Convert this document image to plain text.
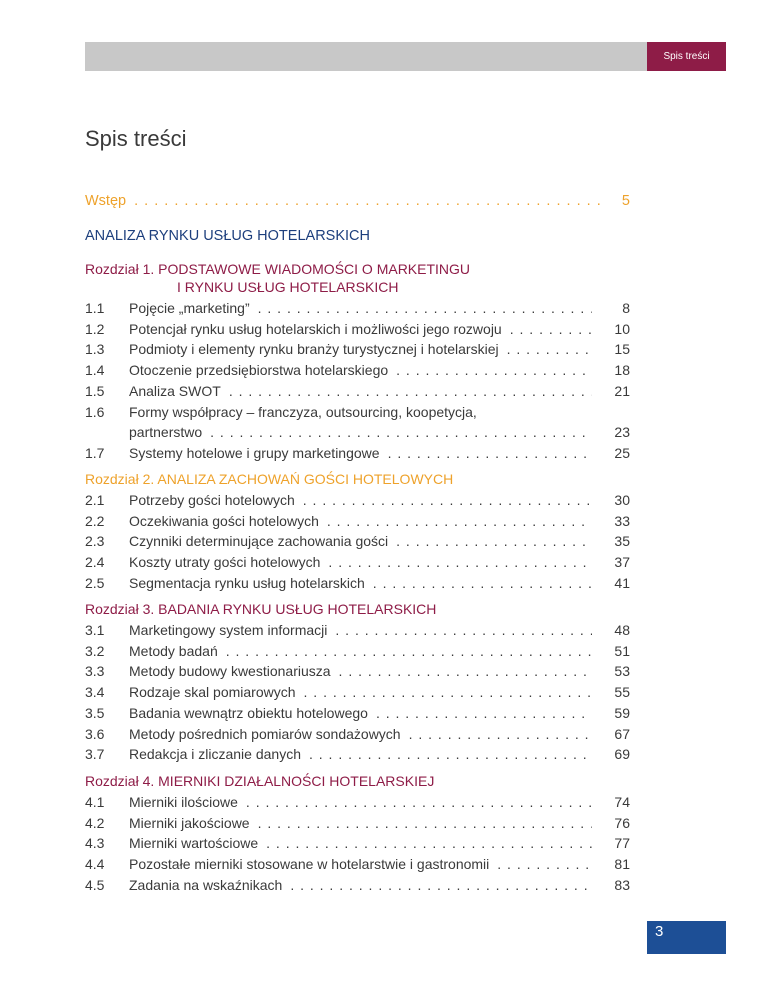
Spis treści
Spis treści
Wstęp . . .	5
ANALIZA RYNKU USŁUG HOTELARSKICH
Rozdział 1. PODSTAWOWE WIADOMOŚCI O MARKETINGU
I RYNKU USŁUG HOTELARSKICH
1.1	Pojęcie „marketing” . . .	8
1.2	Potencjał rynku usług hotelarskich i możliwości jego rozwoju . . .	10
1.3	Podmioty i elementy rynku branży turystycznej i hotelarskiej . . .	15
1.4	Otoczenie przedsiębiorstwa hotelarskiego . . .	18
1.5	Analiza SWOT . . .	21
1.6	Formy współpracy – franczyza, outsourcing, koopetycja,
partnerstwo . . .	23
1.7	Systemy hotelowe i grupy marketingowe . . .	25
Rozdział 2. ANALIZA ZACHOWAŃ GOŚCI HOTELOWYCH
2.1	Potrzeby gości hotelowych . . .	30
2.2	Oczekiwania gości hotelowych . . .	33
2.3	Czynniki determinujące zachowania gości . . .	35
2.4	Koszty utraty gości hotelowych . . .	37
2.5	Segmentacja rynku usług hotelarskich . . .	41
Rozdział 3. BADANIA RYNKU USŁUG HOTELARSKICH
3.1	Marketingowy system informacji . . .	48
3.2	Metody badań . . .	51
3.3	Metody budowy kwestionariusza . . .	53
3.4	Rodzaje skal pomiarowych . . .	55
3.5	Badania wewnątrz obiektu hotelowego . . .	59
3.6	Metody pośrednich pomiarów sondażowych . . .	67
3.7	Redakcja i zliczanie danych . . .	69
Rozdział 4. MIERNIKI DZIAŁALNOŚCI HOTELARSKIEJ
4.1	Mierniki ilościowe . . .	74
4.2	Mierniki jakościowe . . .	76
4.3	Mierniki wartościowe . . .	77
4.4	Pozostałe mierniki stosowane w hotelarstwie i gastronomii . . .	81
4.5	Zadania na wskaźnikach . . .	83
3
